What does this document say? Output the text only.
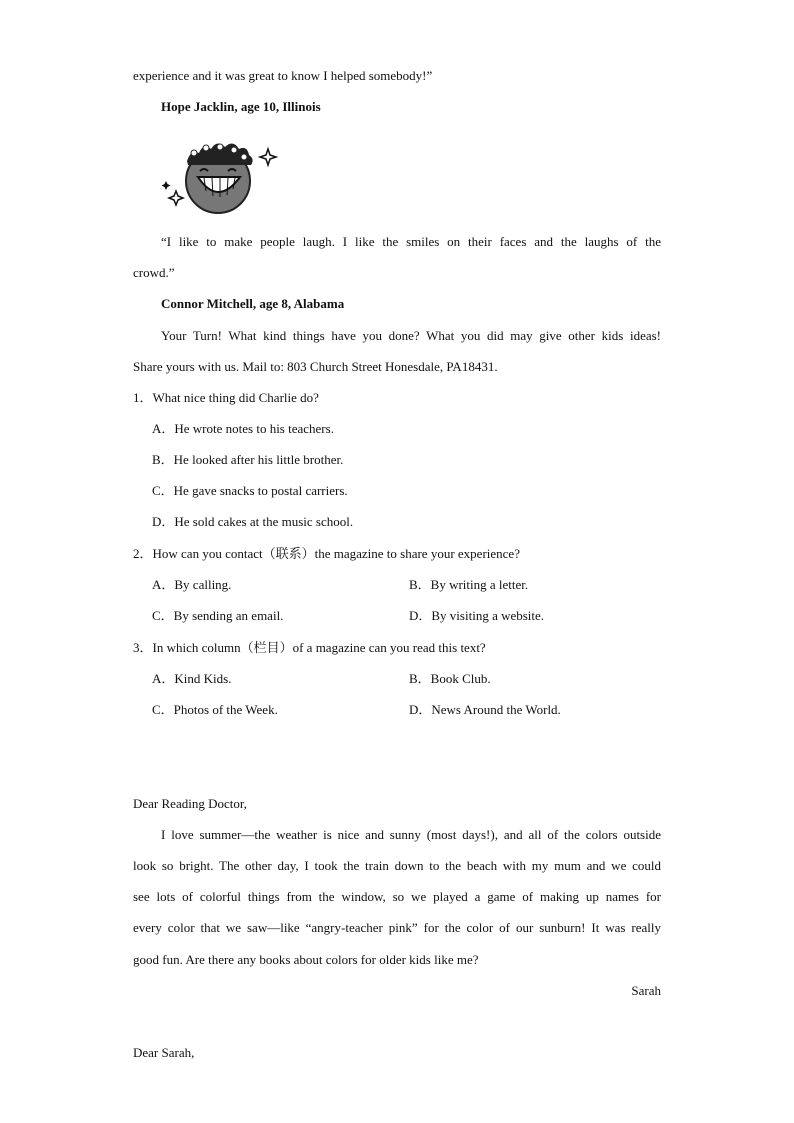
experience and it was great to know I helped somebody!”

Hope Jacklin, age 10, Illinois

“I like to make people laugh. I like the smiles on their faces and the laughs of the

crowd.”

Connor Mitchell, age 8, Alabama

Your Turn! What kind things have you done? What you did may give other kids ideas!

Share yours with us. Mail to: 803 Church Street Honesdale, PA18431.

1．What nice thing did Charlie do?

A．He wrote notes to his teachers.
B．He looked after his little brother.
C．He gave snacks to postal carriers.
D．He sold cakes at the music school.

2．How can you contact（联系）the magazine to share your experience?

A．By calling.	B．By writing a letter.
C．By sending an email.	D．By visiting a website.

3．In which column（栏目）of a magazine can you read this text?

A．Kind Kids.	B．Book Club.
C．Photos of the Week.	D．News Around the World.

Dear Reading Doctor,

I love summer—the weather is nice and sunny (most days!), and all of the colors outside

look so bright. The other day, I took the train down to the beach with my mum and we could

see lots of colorful things from the window, so we played a game of making up names for

every color that we saw—like “angry-teacher pink” for the color of our sunburn! It was really

good fun. Are there any books about colors for older kids like me?

Sarah

Dear Sarah,
